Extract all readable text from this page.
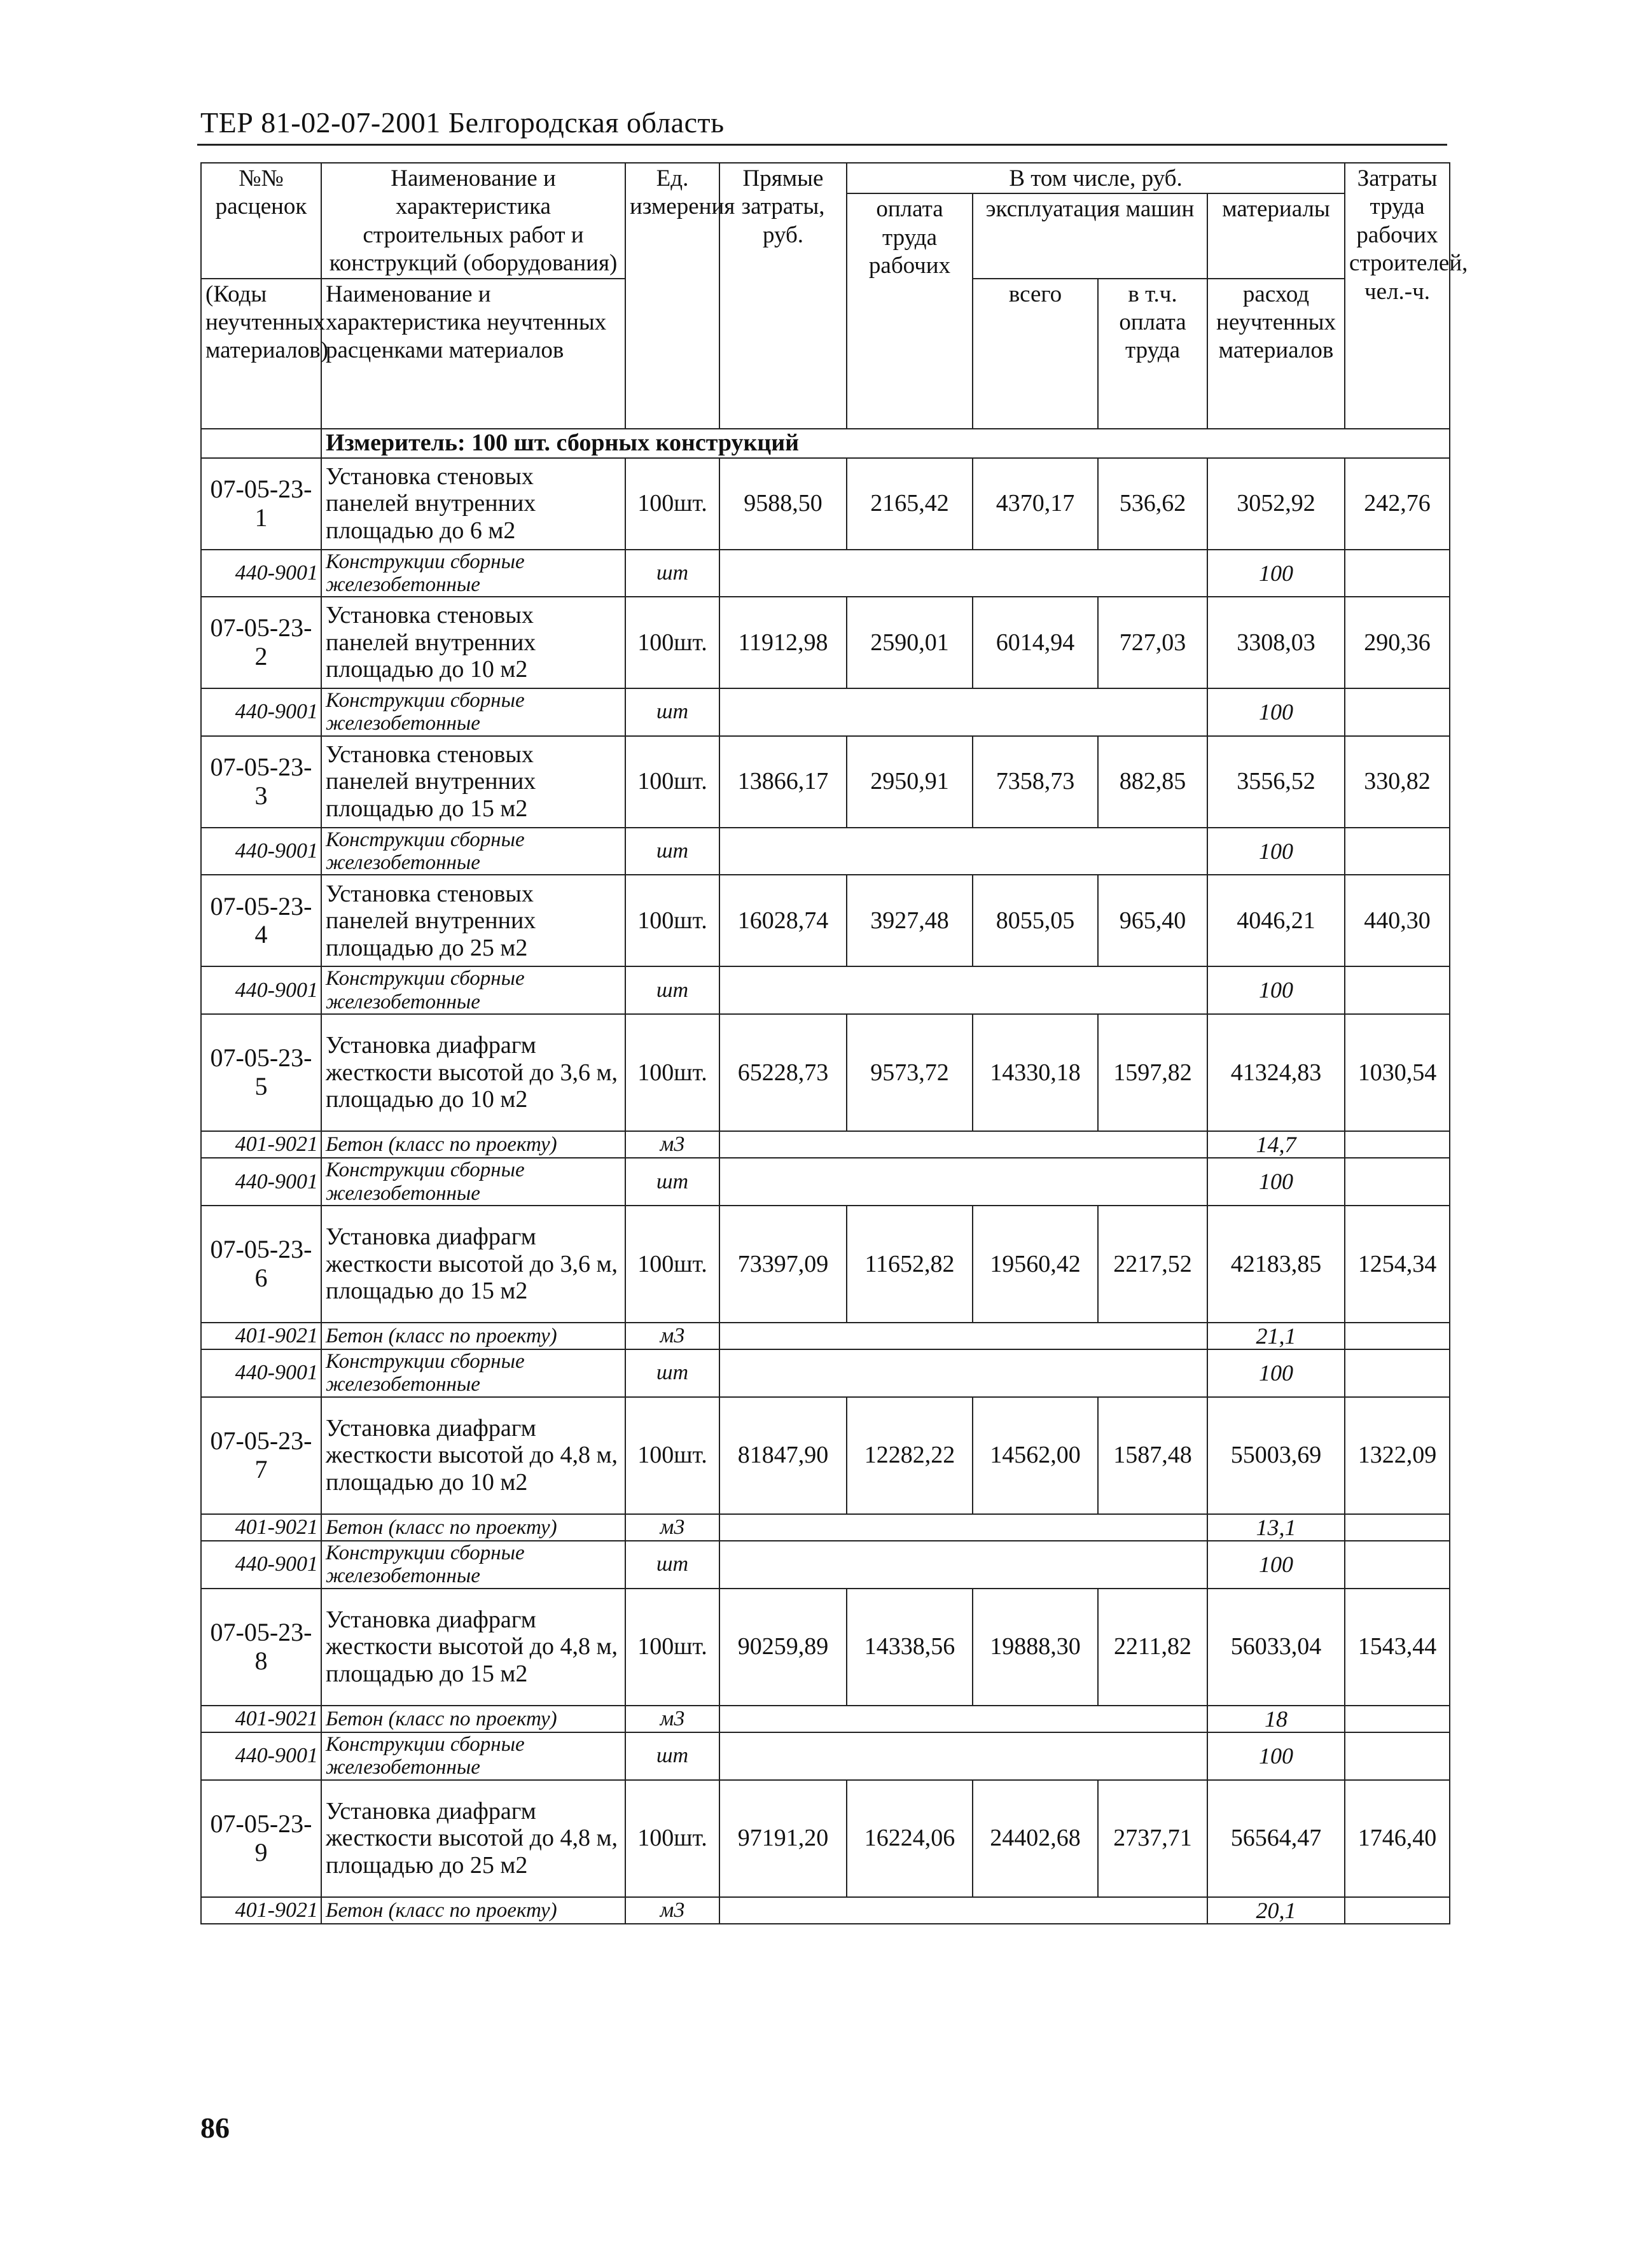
ТЕР 81-02-07-2001 Белгородская область
№№ расценок	Наименование и характеристика строительных работ и конструкций (оборудования)	Ед. измерения	Прямые затраты, руб.	В том числе, руб.				Затраты труда рабочих строителей, чел.-ч.
				оплата труда рабочих	эксплуатация машин		материалы	

(Коды неучтенных материалов)	Наименование и характеристика неучтенных расценками материалов				всего	в т.ч. оплата труда	расход неучтенных материалов	

	Измеритель: 100 шт. сборных конструкций							
07-05-23-1	Установка стеновых панелей внутренних площадью до 6 м2	100шт.	9588,50	2165,42	4370,17	536,62	3052,92	242,76
440-9001	Конструкции сборные железобетонные	шт					100	
07-05-23-2	Установка стеновых панелей внутренних площадью до 10 м2	100шт.	11912,98	2590,01	6014,94	727,03	3308,03	290,36
440-9001	Конструкции сборные железобетонные	шт					100	
07-05-23-3	Установка стеновых панелей внутренних площадью до 15 м2	100шт.	13866,17	2950,91	7358,73	882,85	3556,52	330,82
440-9001	Конструкции сборные железобетонные	шт					100	
07-05-23-4	Установка стеновых панелей внутренних площадью до 25 м2	100шт.	16028,74	3927,48	8055,05	965,40	4046,21	440,30
440-9001	Конструкции сборные железобетонные	шт					100	
07-05-23-5	Установка диафрагм жесткости высотой до 3,6 м, площадью до 10 м2	100шт.	65228,73	9573,72	14330,18	1597,82	41324,83	1030,54
401-9021	Бетон (класс по проекту)	м3					14,7	
440-9001	Конструкции сборные железобетонные	шт					100	
07-05-23-6	Установка диафрагм жесткости высотой до 3,6 м, площадью до 15 м2	100шт.	73397,09	11652,82	19560,42	2217,52	42183,85	1254,34
401-9021	Бетон (класс по проекту)	м3					21,1	
440-9001	Конструкции сборные железобетонные	шт					100	
07-05-23-7	Установка диафрагм жесткости высотой до 4,8 м, площадью до 10 м2	100шт.	81847,90	12282,22	14562,00	1587,48	55003,69	1322,09
401-9021	Бетон (класс по проекту)	м3					13,1	
440-9001	Конструкции сборные железобетонные	шт					100	
07-05-23-8	Установка диафрагм жесткости высотой до 4,8 м, площадью до 15 м2	100шт.	90259,89	14338,56	19888,30	2211,82	56033,04	1543,44
401-9021	Бетон (класс по проекту)	м3					18	
440-9001	Конструкции сборные железобетонные	шт					100	
07-05-23-9	Установка диафрагм жесткости высотой до 4,8 м, площадью до 25 м2	100шт.	97191,20	16224,06	24402,68	2737,71	56564,47	1746,40
401-9021	Бетон (класс по проекту)	м3					20,1	
86
